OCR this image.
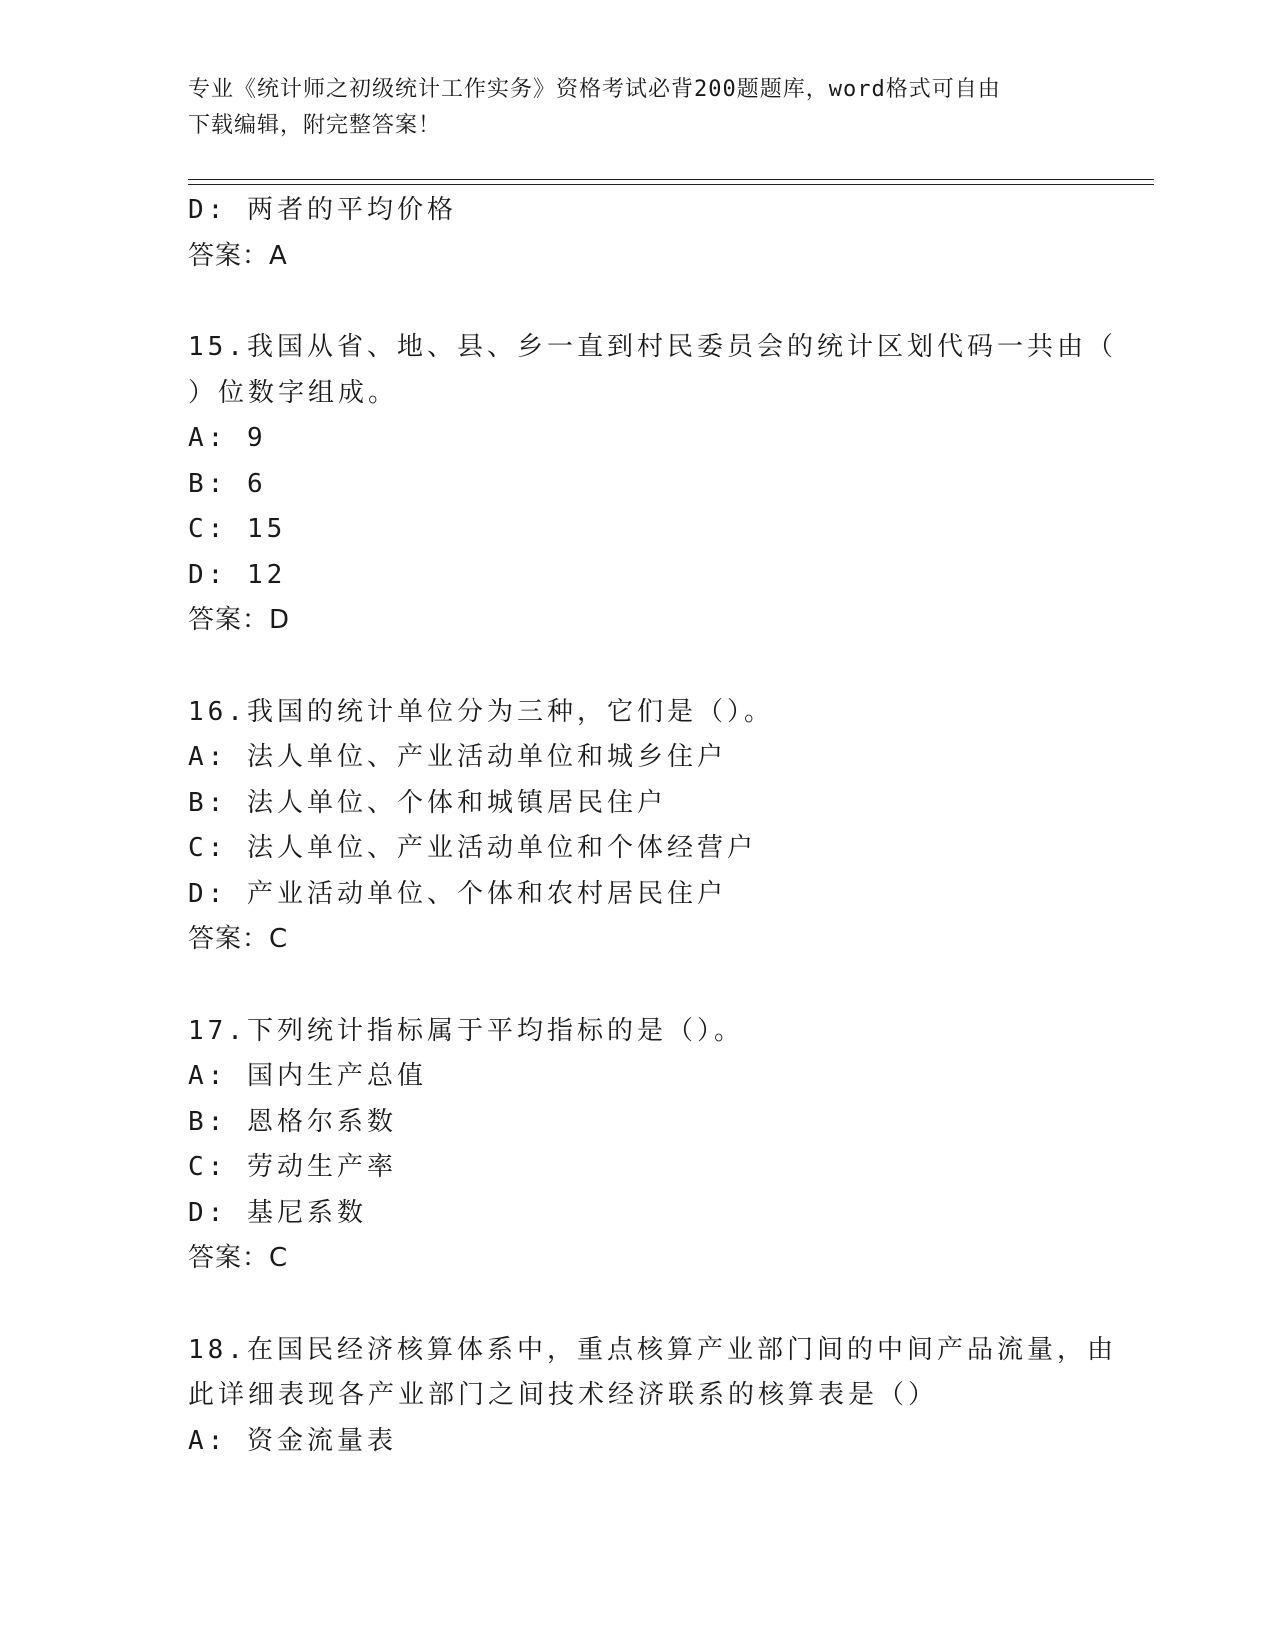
专业《统计师之初级统计工作实务》资格考试必背200题题库，word格式可自由
下载编辑，附完整答案！
D: 两者的平均价格
答案：A
15.我国从省、地、县、乡一直到村民委员会的统计区划代码一共由（
）位数字组成。
A: 9
B: 6
C: 15
D: 12
答案：D
16.我国的统计单位分为三种，它们是（）。
A: 法人单位、产业活动单位和城乡住户
B: 法人单位、个体和城镇居民住户
C: 法人单位、产业活动单位和个体经营户
D: 产业活动单位、个体和农村居民住户
答案：C
17.下列统计指标属于平均指标的是（）。
A: 国内生产总值
B: 恩格尔系数
C: 劳动生产率
D: 基尼系数
答案：C
18.在国民经济核算体系中，重点核算产业部门间的中间产品流量，由
此详细表现各产业部门之间技术经济联系的核算表是（）
A: 资金流量表
